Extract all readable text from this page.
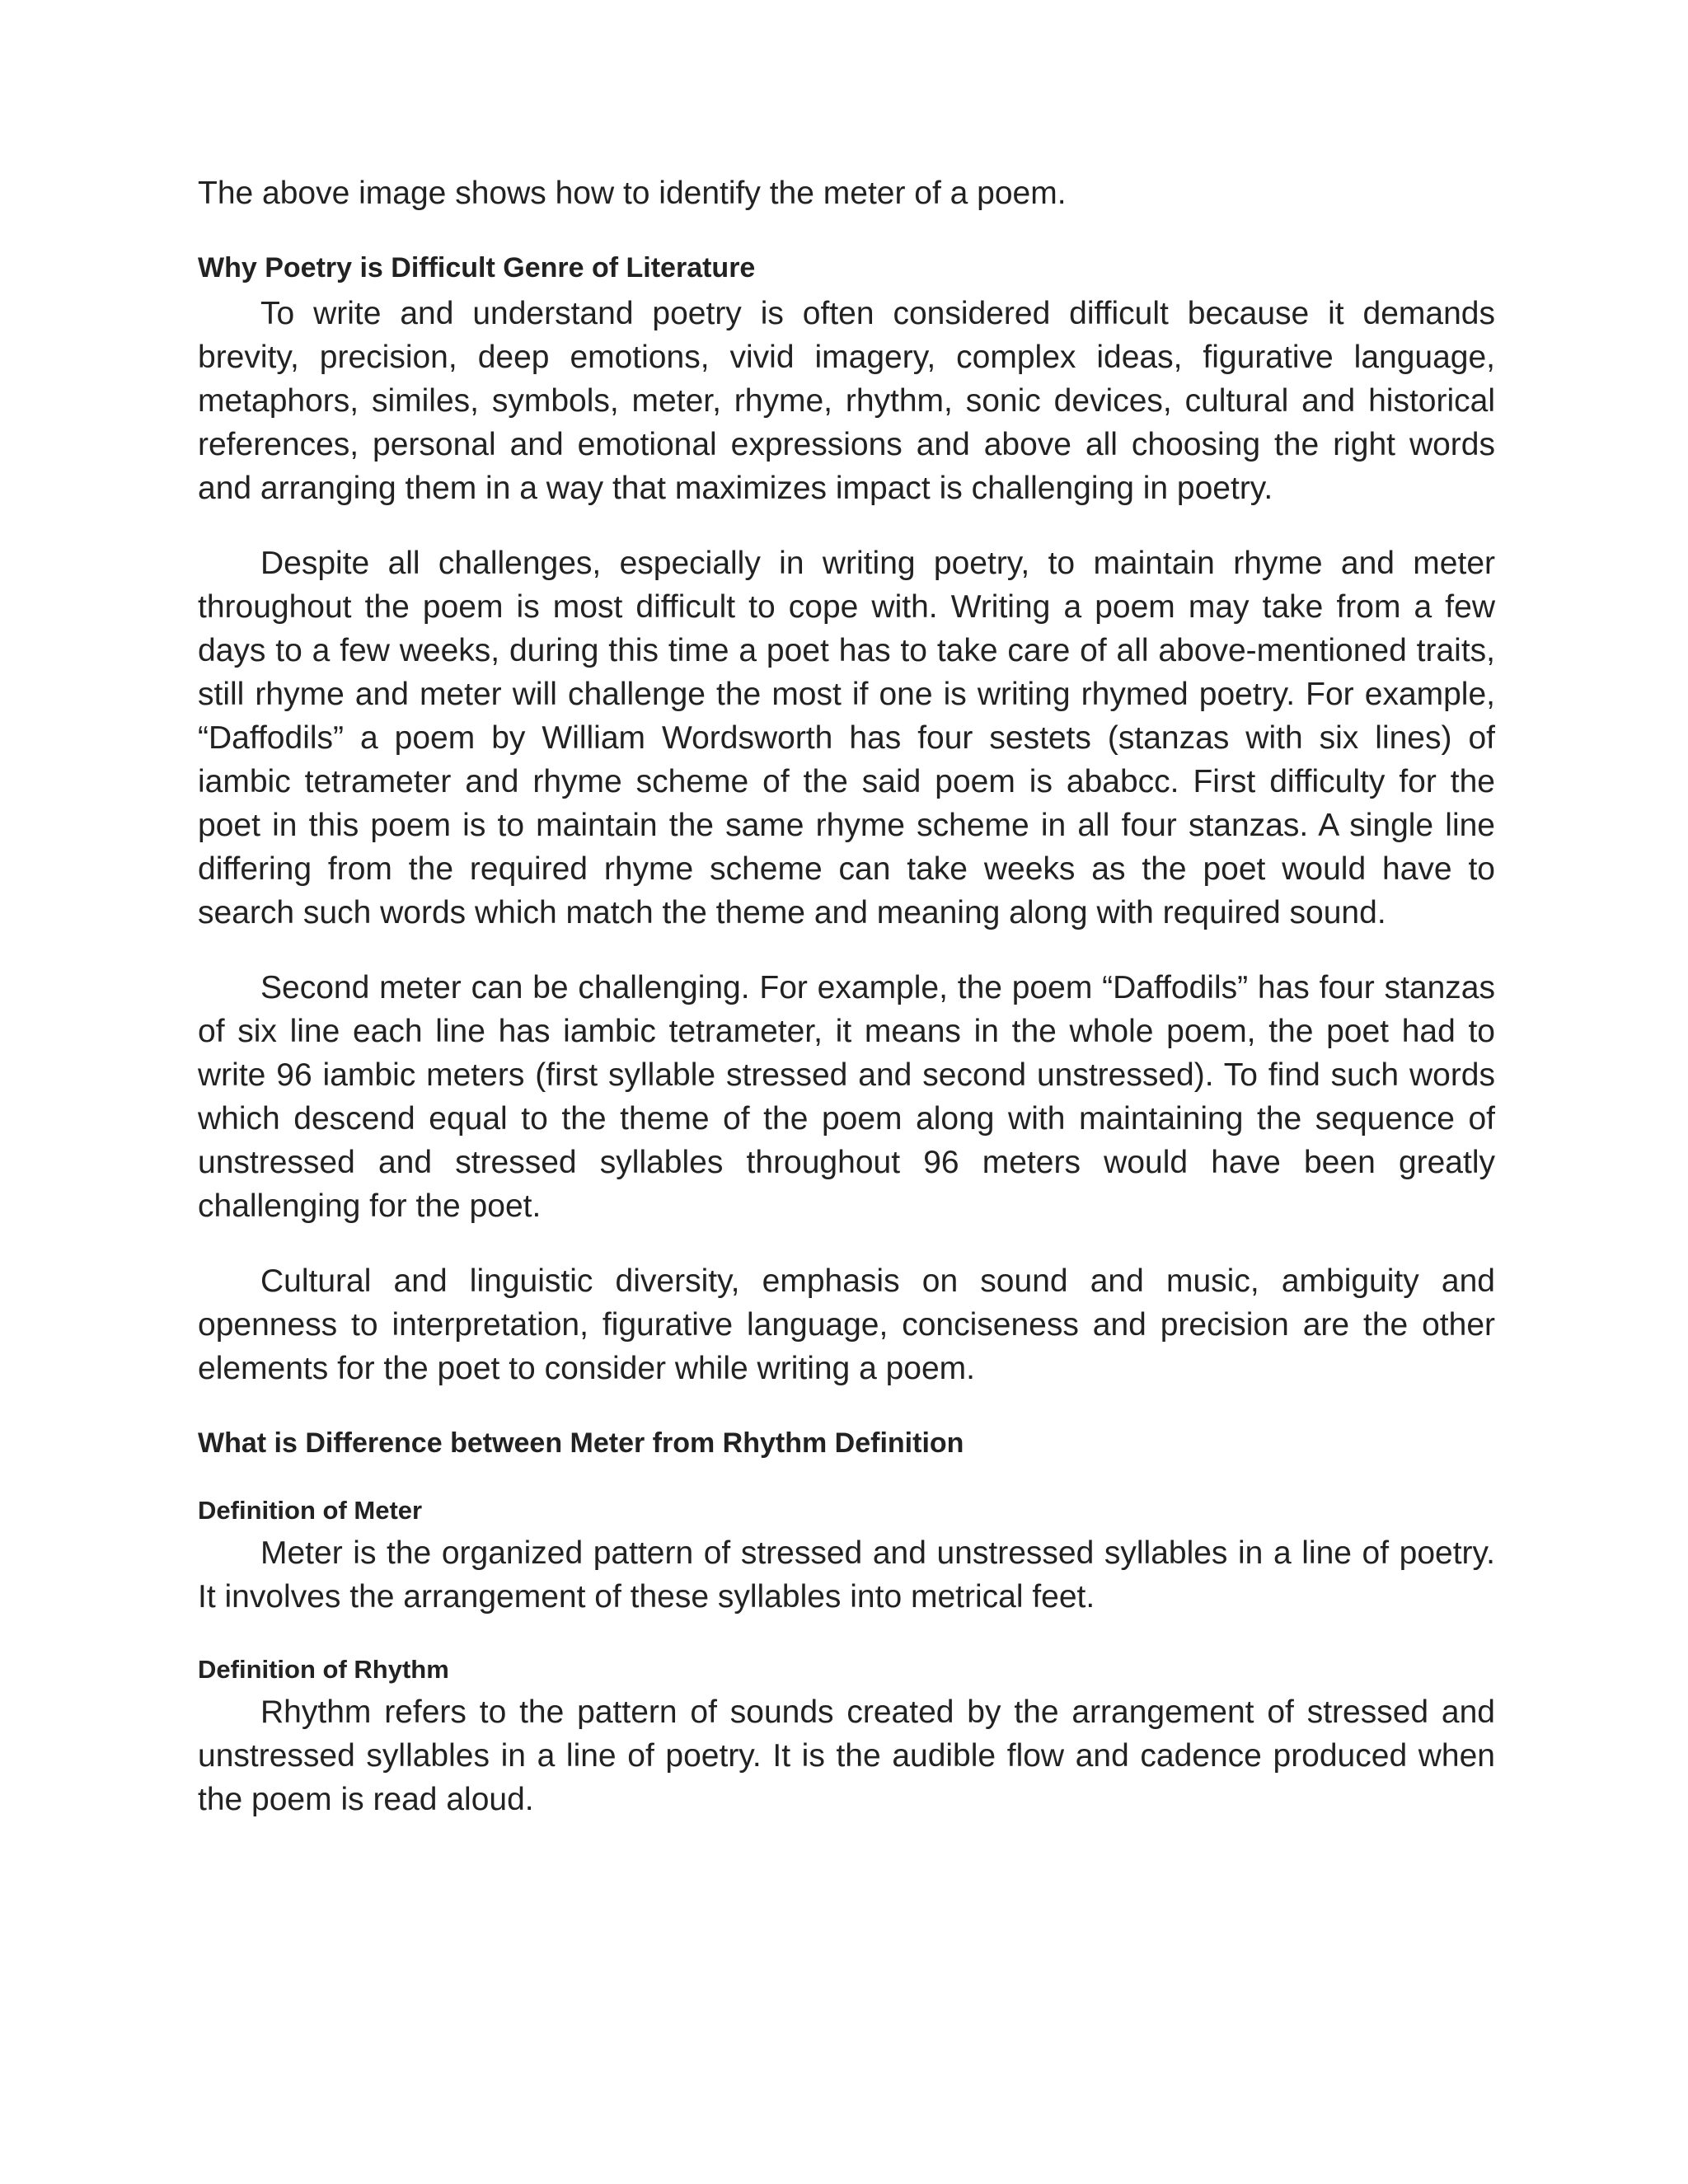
The above image shows how to identify the meter of a poem.

Why Poetry is Difficult Genre of Literature

To write and understand poetry is often considered difficult because it demands brevity, precision, deep emotions, vivid imagery, complex ideas, figurative language, metaphors, similes, symbols, meter, rhyme, rhythm, sonic devices, cultural and historical references, personal and emotional expressions and above all choosing the right words and arranging them in a way that maximizes impact is challenging in poetry.

Despite all challenges, especially in writing poetry, to maintain rhyme and meter throughout the poem is most difficult to cope with. Writing a poem may take from a few days to a few weeks, during this time a poet has to take care of all above-mentioned traits, still rhyme and meter will challenge the most if one is writing rhymed poetry. For example, “Daffodils” a poem by William Wordsworth has four sestets (stanzas with six lines) of iambic tetrameter and rhyme scheme of the said poem is ababcc. First difficulty for the poet in this poem is to maintain the same rhyme scheme in all four stanzas. A single line differing from the required rhyme scheme can take weeks as the poet would have to search such words which match the theme and meaning along with required sound.

Second meter can be challenging. For example, the poem “Daffodils” has four stanzas of six line each line has iambic tetrameter, it means in the whole poem, the poet had to write 96 iambic meters (first syllable stressed and second unstressed). To find such words which descend equal to the theme of the poem along with maintaining the sequence of unstressed and stressed syllables throughout 96 meters would have been greatly challenging for the poet.

Cultural and linguistic diversity, emphasis on sound and music, ambiguity and openness to interpretation, figurative language, conciseness and precision are the other elements for the poet to consider while writing a poem.

What is Difference between Meter from Rhythm Definition

Definition of Meter

Meter is the organized pattern of stressed and unstressed syllables in a line of poetry. It involves the arrangement of these syllables into metrical feet.

Definition of Rhythm

Rhythm refers to the pattern of sounds created by the arrangement of stressed and unstressed syllables in a line of poetry. It is the audible flow and cadence produced when the poem is read aloud.
